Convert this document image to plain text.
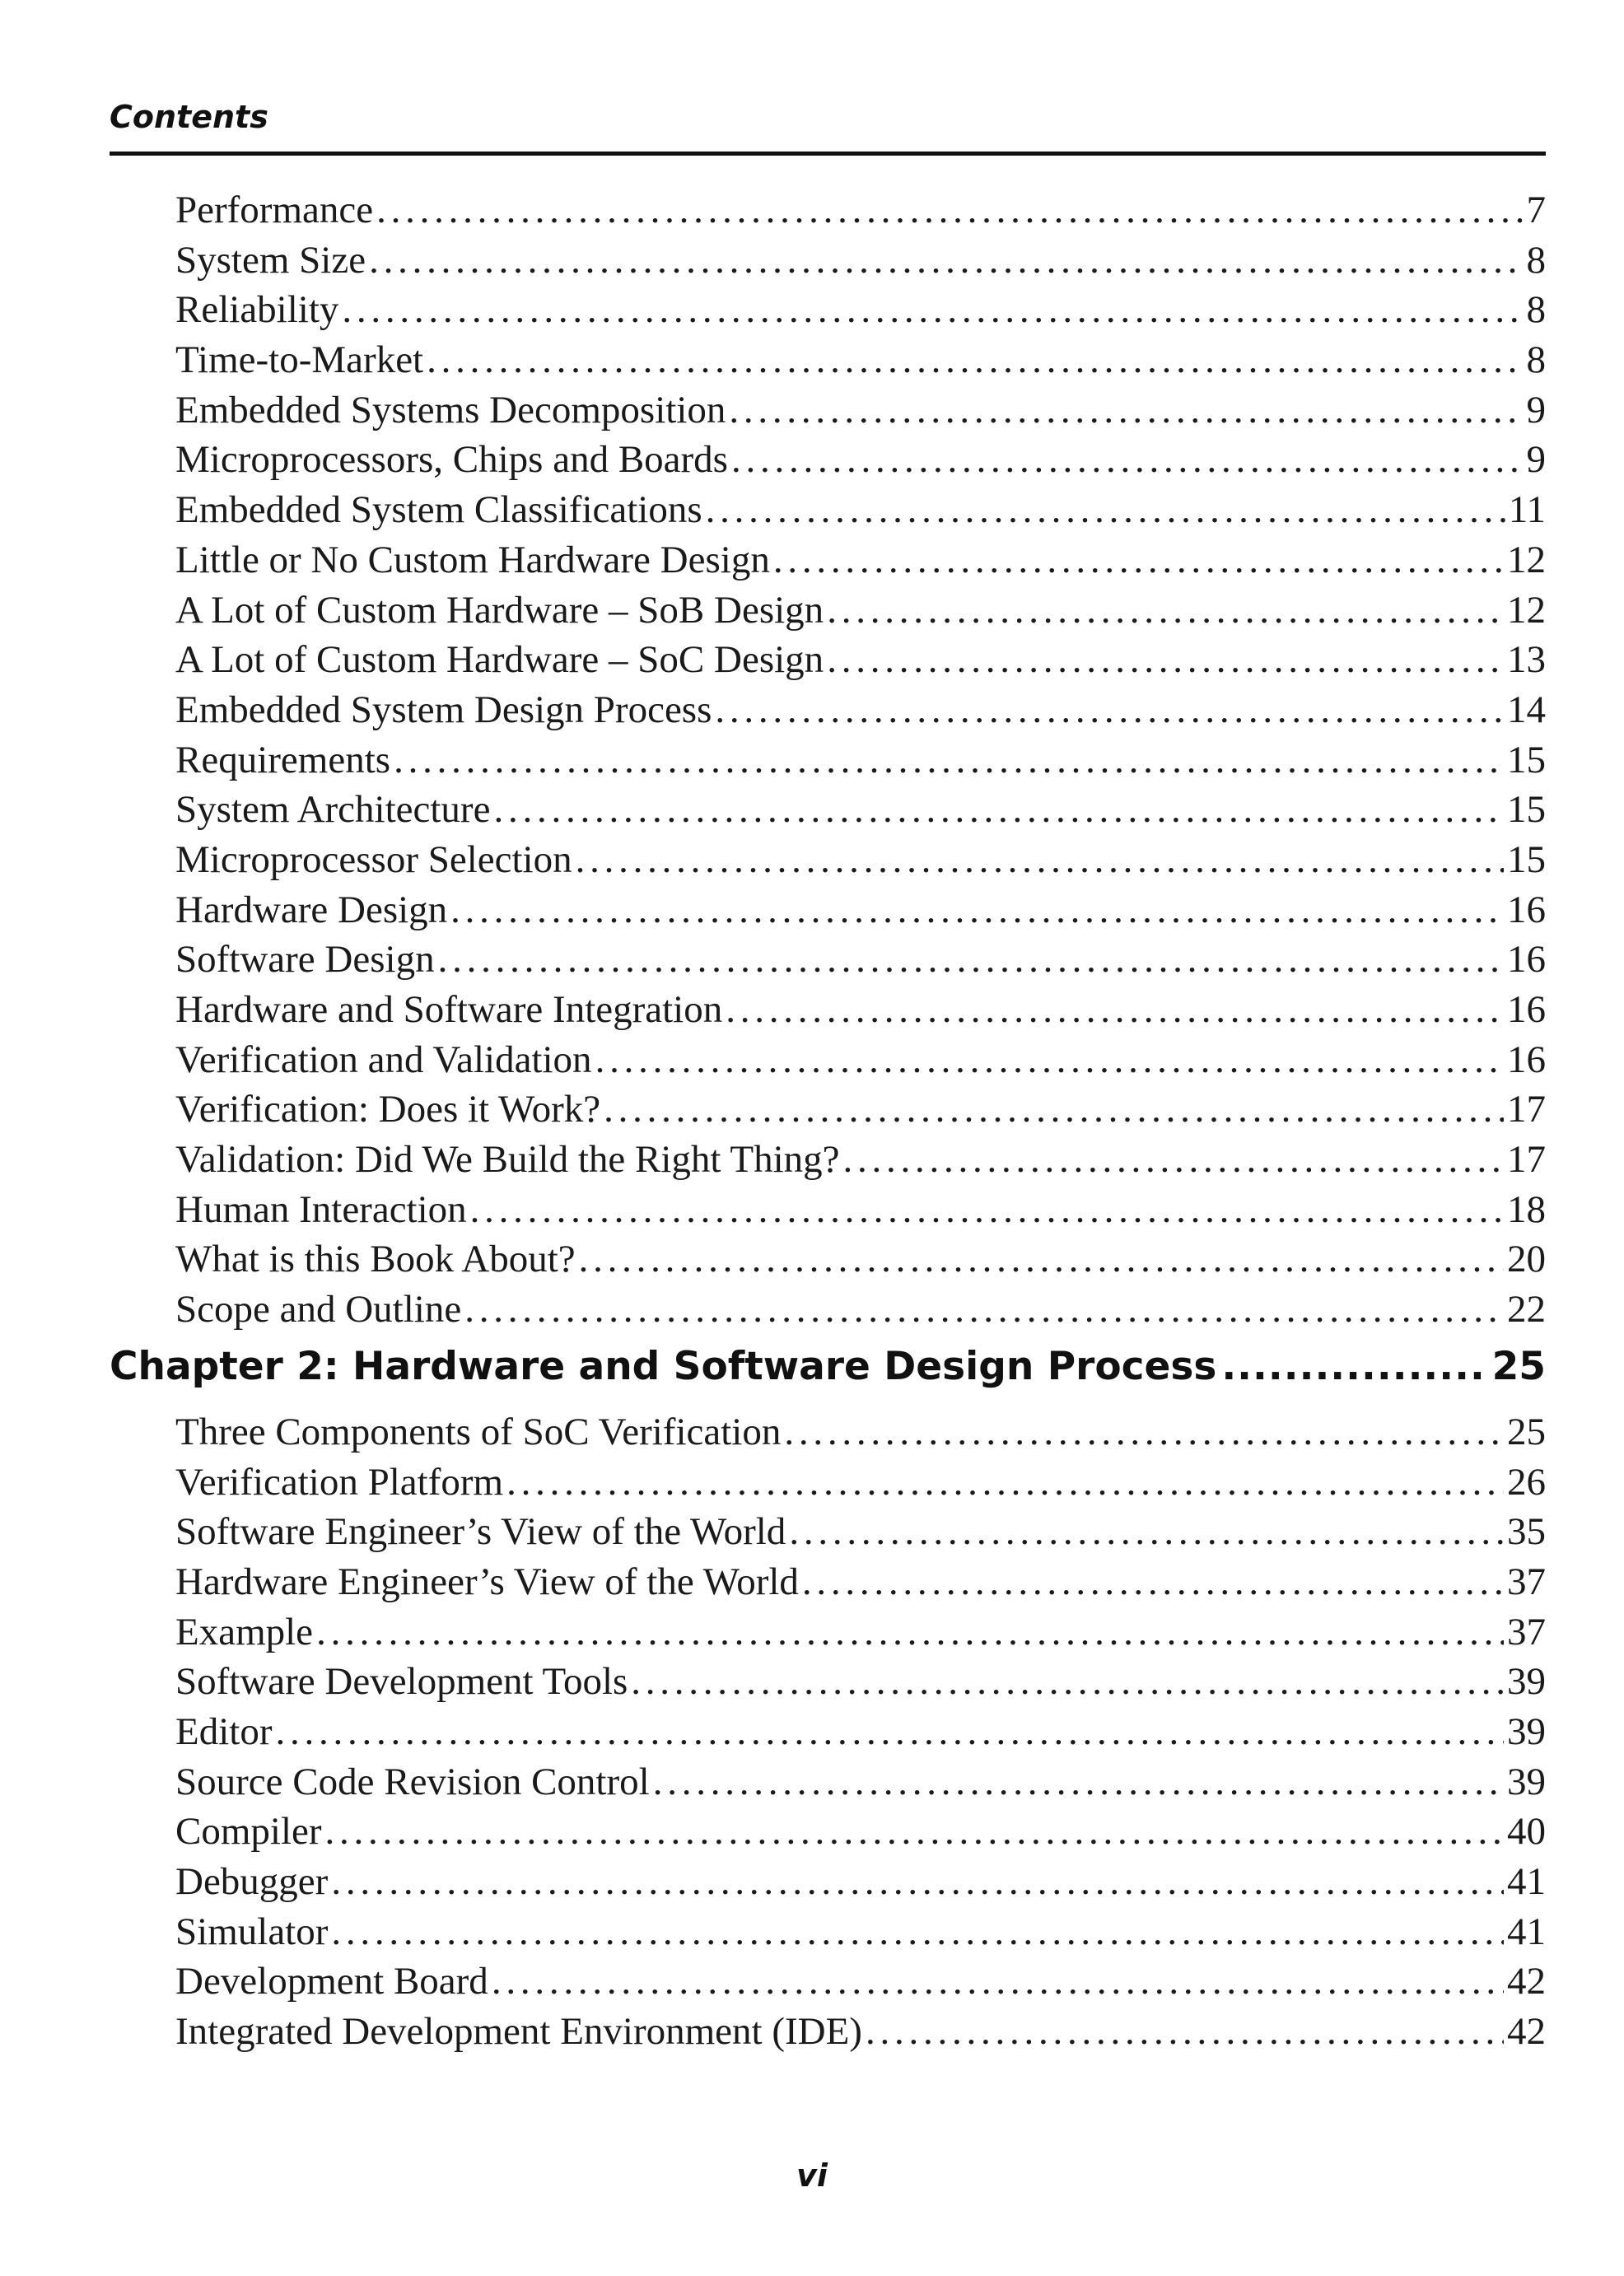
Contents
Performance . . .	7
System Size . . .	8
Reliability . . .	8
Time-to-Market . . .	8
Embedded Systems Decomposition . . .	9
Microprocessors, Chips and Boards . . .	9
Embedded System Classifications . . .	11
Little or No Custom Hardware Design . . .	12
A Lot of Custom Hardware – SoB Design . . .	12
A Lot of Custom Hardware – SoC Design . . .	13
Embedded System Design Process . . .	14
Requirements . . .	15
System Architecture . . .	15
Microprocessor Selection . . .	15
Hardware Design . . .	16
Software Design . . .	16
Hardware and Software Integration . . .	16
Verification and Validation . . .	16
Verification: Does it Work? . . .	17
Validation: Did We Build the Right Thing? . . .	17
Human Interaction . . .	18
What is this Book About? . . .	20
Scope and Outline . . .	22
Chapter 2: Hardware and Software Design Process .....	25
Three Components of SoC Verification . . .	25
Verification Platform . . .	26
Software Engineer’s View of the World . . .	35
Hardware Engineer’s View of the World . . .	37
Example . . .	37
Software Development Tools . . .	39
Editor . . .	39
Source Code Revision Control . . .	39
Compiler . . .	40
Debugger . . .	41
Simulator . . .	41
Development Board . . .	42
Integrated Development Environment (IDE) . . .	42
vi
